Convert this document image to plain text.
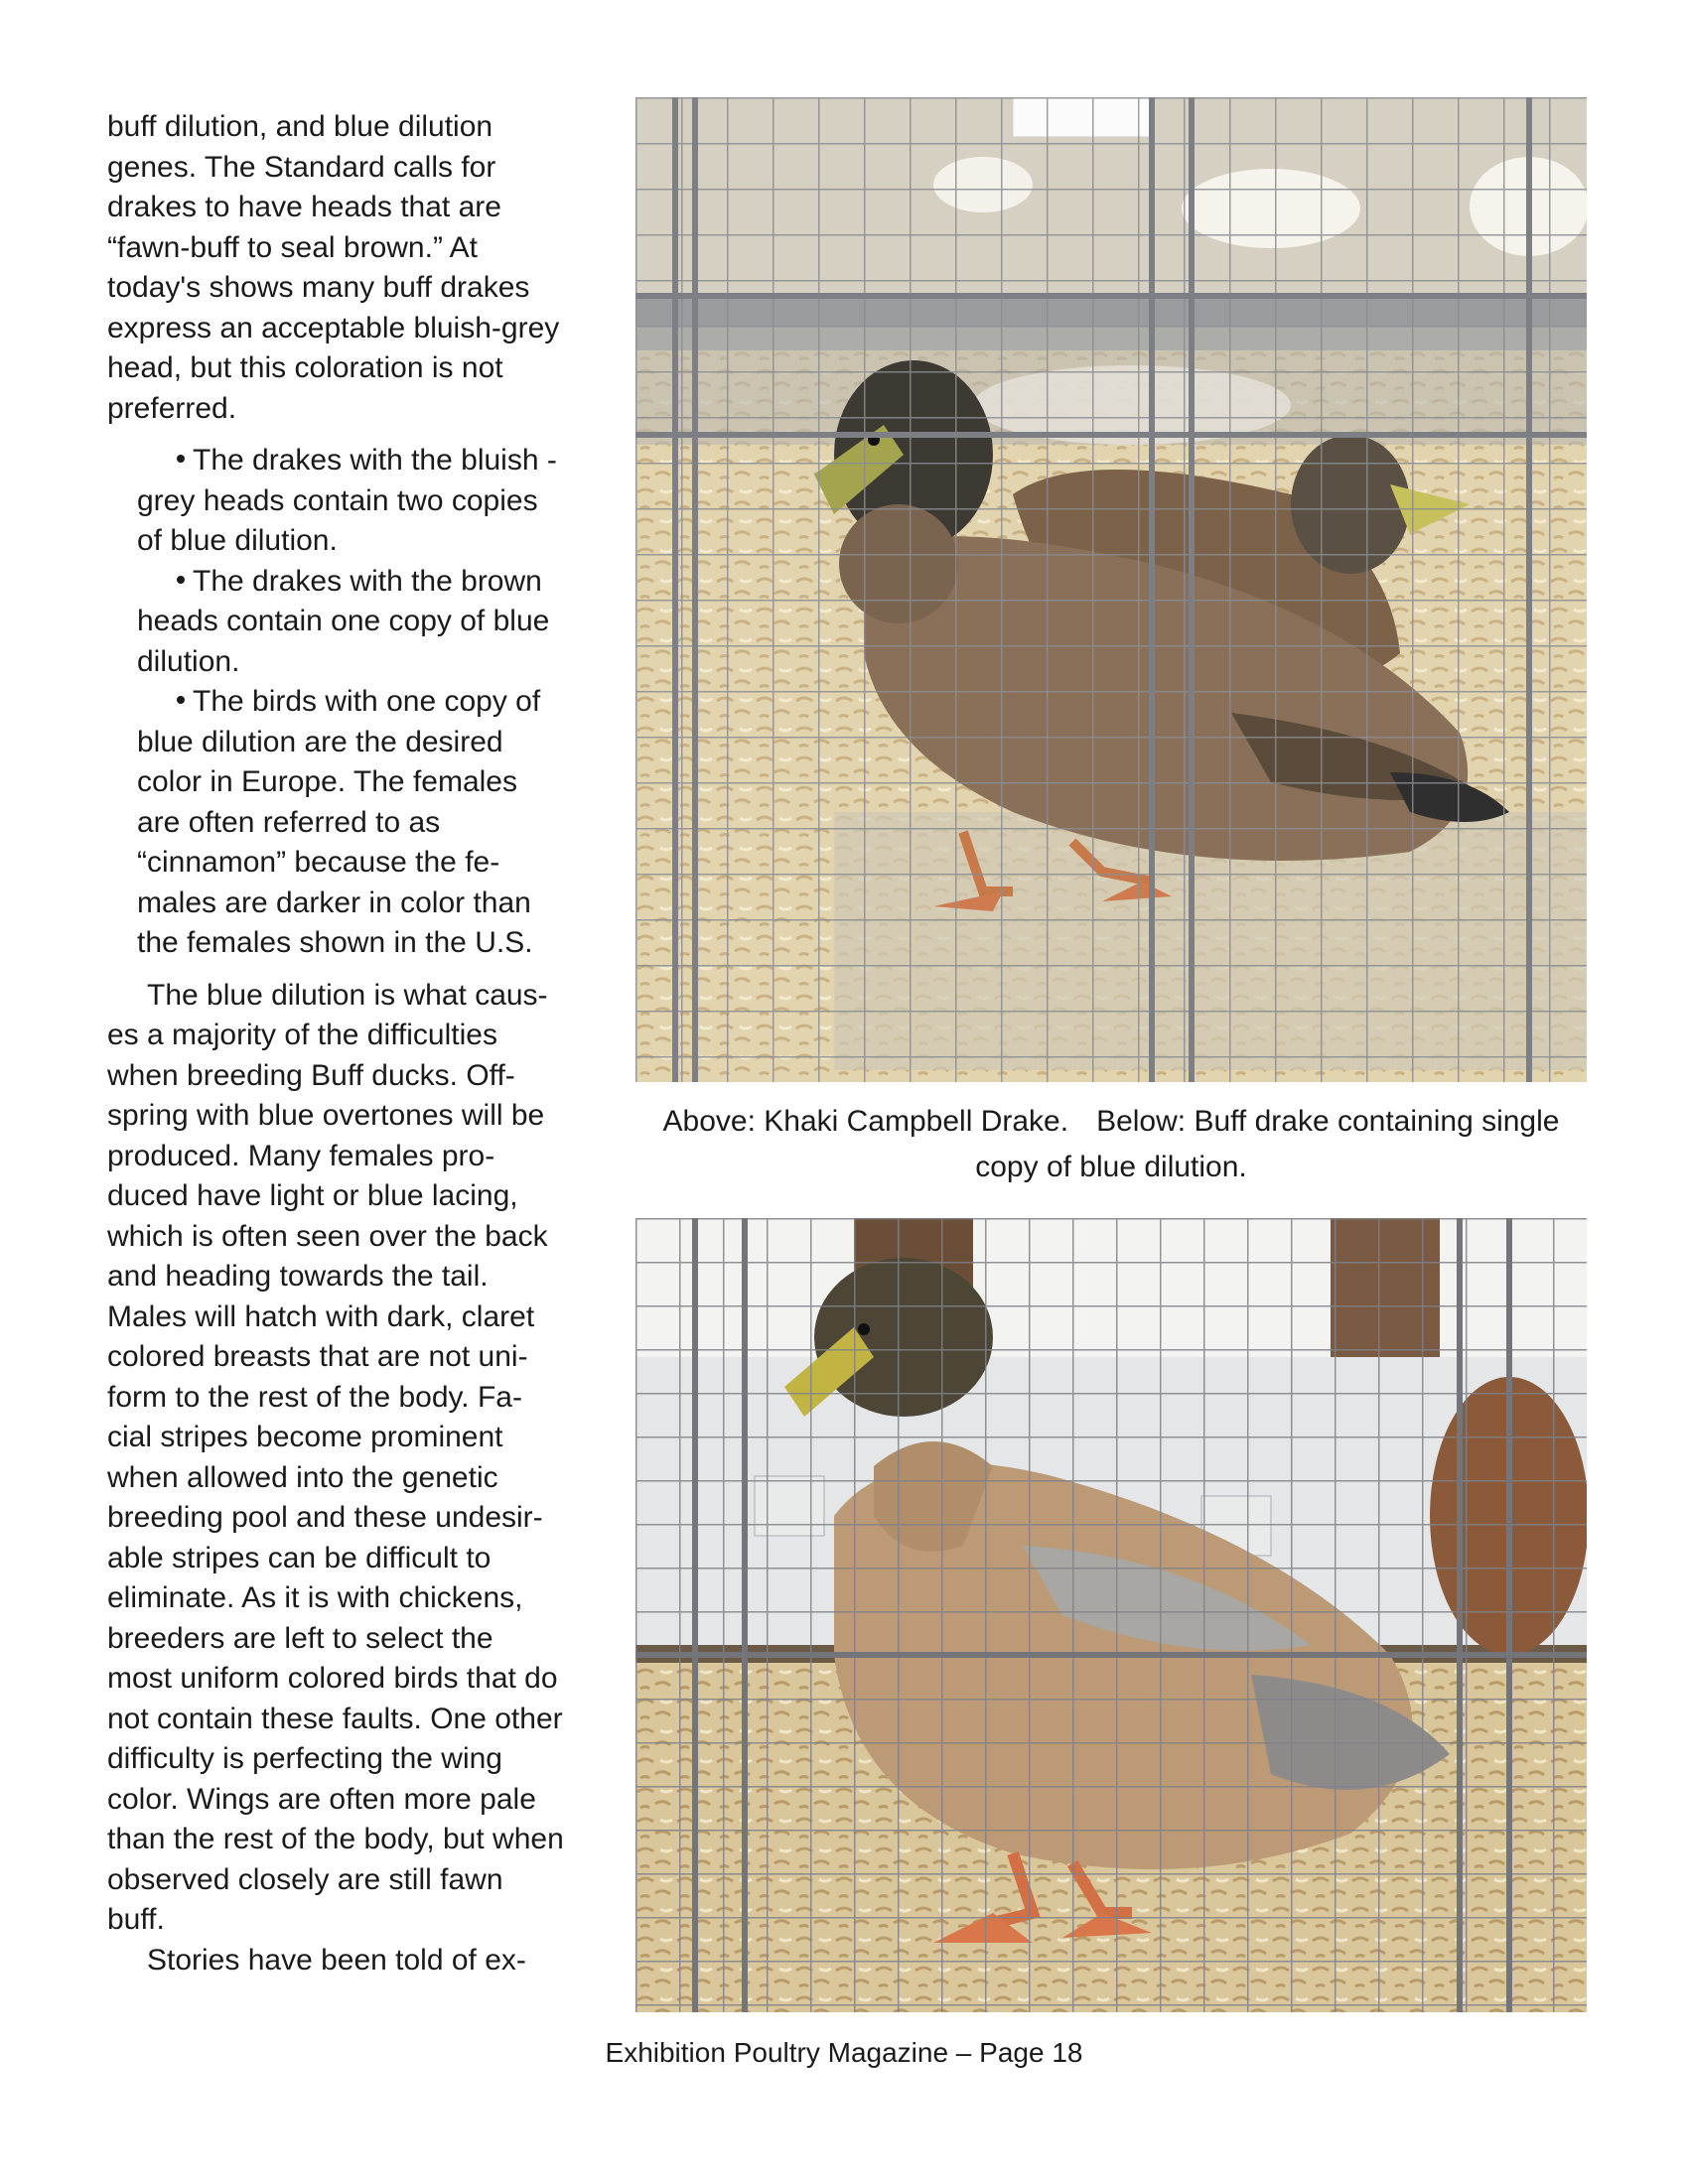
buff dilution, and blue dilution genes. The Standard calls for drakes to have heads that are “fawn-buff to seal brown.” At today's shows many buff drakes express an acceptable bluish-grey head, but this coloration is not preferred.

The drakes with the bluish -grey heads contain two copies of blue dilution.
The drakes with the brown heads contain one copy of blue dilution.
The birds with one copy of blue dilution are the desired color in Europe. The females are often referred to as “cinnamon” because the fe-males are darker in color than the females shown in the U.S.

The blue dilution is what caus-es a majority of the difficulties when breeding Buff ducks. Off-spring with blue overtones will be produced. Many females pro-duced have light or blue lacing, which is often seen over the back and heading towards the tail. Males will hatch with dark, claret colored breasts that are not uni-form to the rest of the body. Fa-cial stripes become prominent when allowed into the genetic breeding pool and these undesir-able stripes can be difficult to eliminate. As it is with chickens, breeders are left to select the most uniform colored birds that do not contain these faults. One other difficulty is perfecting the wing color. Wings are often more pale than the rest of the body, but when observed closely are still fawn buff.

Stories have been told of ex-

Above: Khaki Campbell Drake. Below: Buff drake containing single copy of blue dilution.
Exhibition Poultry Magazine – Page 18
